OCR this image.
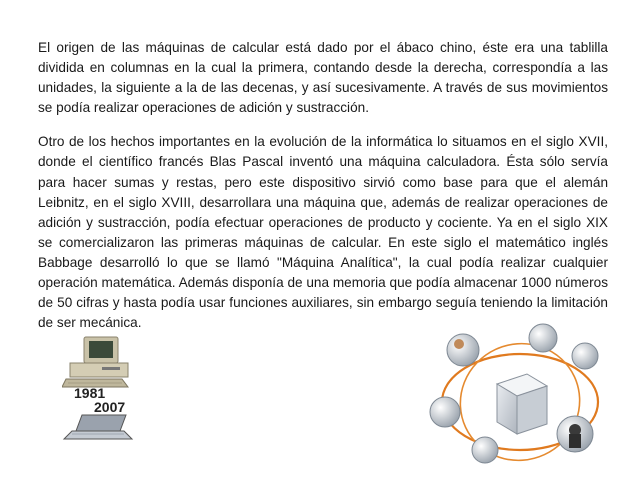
El origen de las máquinas de calcular está dado por el ábaco chino, éste era una tablilla dividida en columnas en la cual la primera, contando desde la derecha, correspondía a las unidades, la siguiente a la de las decenas, y así sucesivamente. A través de sus movimientos se podía realizar operaciones de adición y sustracción.

Otro de los hechos importantes en la evolución de la informática lo situamos en el siglo XVII, donde el científico francés Blas Pascal inventó una máquina calculadora. Ésta sólo servía para hacer sumas y restas, pero este dispositivo sirvió como base para que el alemán Leibnitz, en el siglo XVIII, desarrollara una máquina que, además de realizar operaciones de adición y sustracción, podía efectuar operaciones de producto y cociente. Ya en el siglo XIX se comercializaron las primeras máquinas de calcular. En este siglo el matemático inglés Babbage desarrolló lo que se llamó "Máquina Analítica", la cual podía realizar cualquier operación matemática. Además disponía de una memoria que podía almacenar 1000 números de 50 cifras y hasta podía usar funciones auxiliares, sin embargo seguía teniendo la limitación de ser mecánica.

1981
2007
